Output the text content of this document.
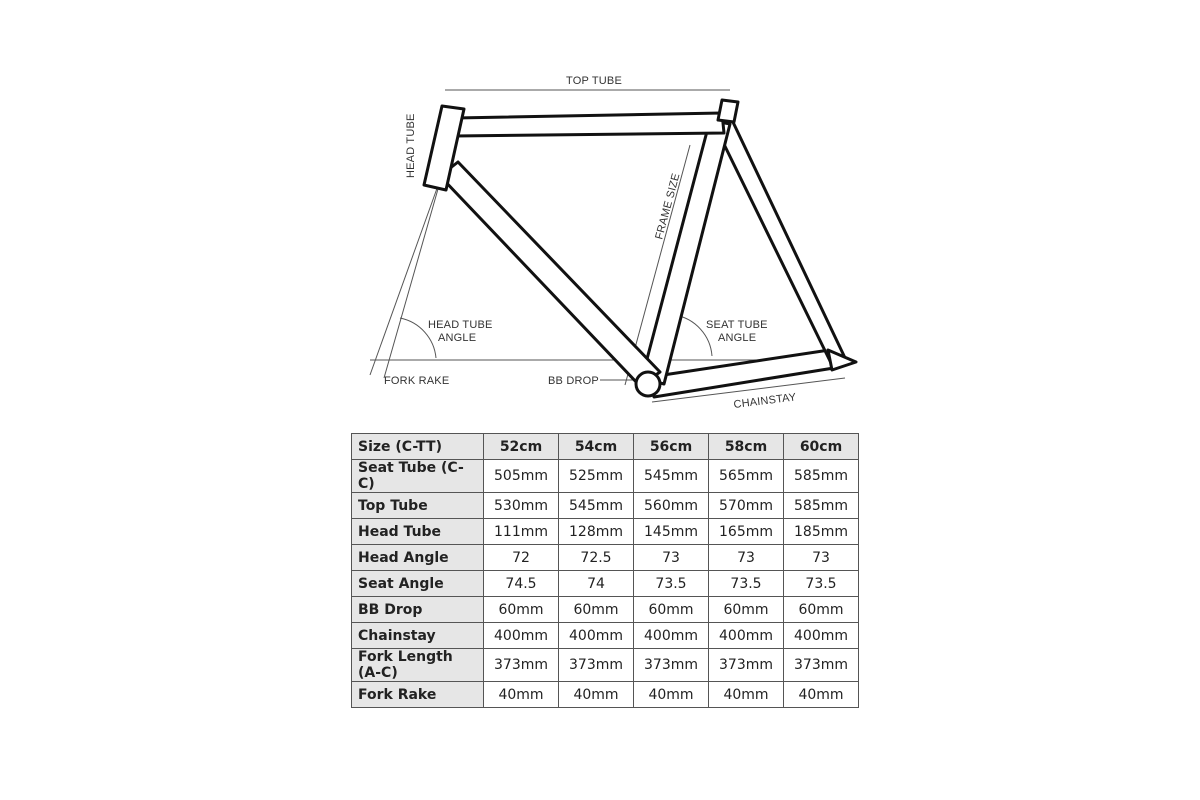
TOP TUBE
HEAD TUBE
FRAME SIZE
HEAD TUBE
ANGLE
SEAT TUBE
ANGLE
FORK RAKE	BB DROP
CHAINSTAY
Size (C-TT)	52cm	54cm	56cm	58cm	60cm
Seat Tube (C-C)	505mm	525mm	545mm	565mm	585mm
Top Tube	530mm	545mm	560mm	570mm	585mm
Head Tube	111mm	128mm	145mm	165mm	185mm
Head Angle	72	72.5	73	73	73
Seat Angle	74.5	74	73.5	73.5	73.5
BB Drop	60mm	60mm	60mm	60mm	60mm
Chainstay	400mm	400mm	400mm	400mm	400mm
Fork Length (A-C)	373mm	373mm	373mm	373mm	373mm
Fork Rake	40mm	40mm	40mm	40mm	40mm
